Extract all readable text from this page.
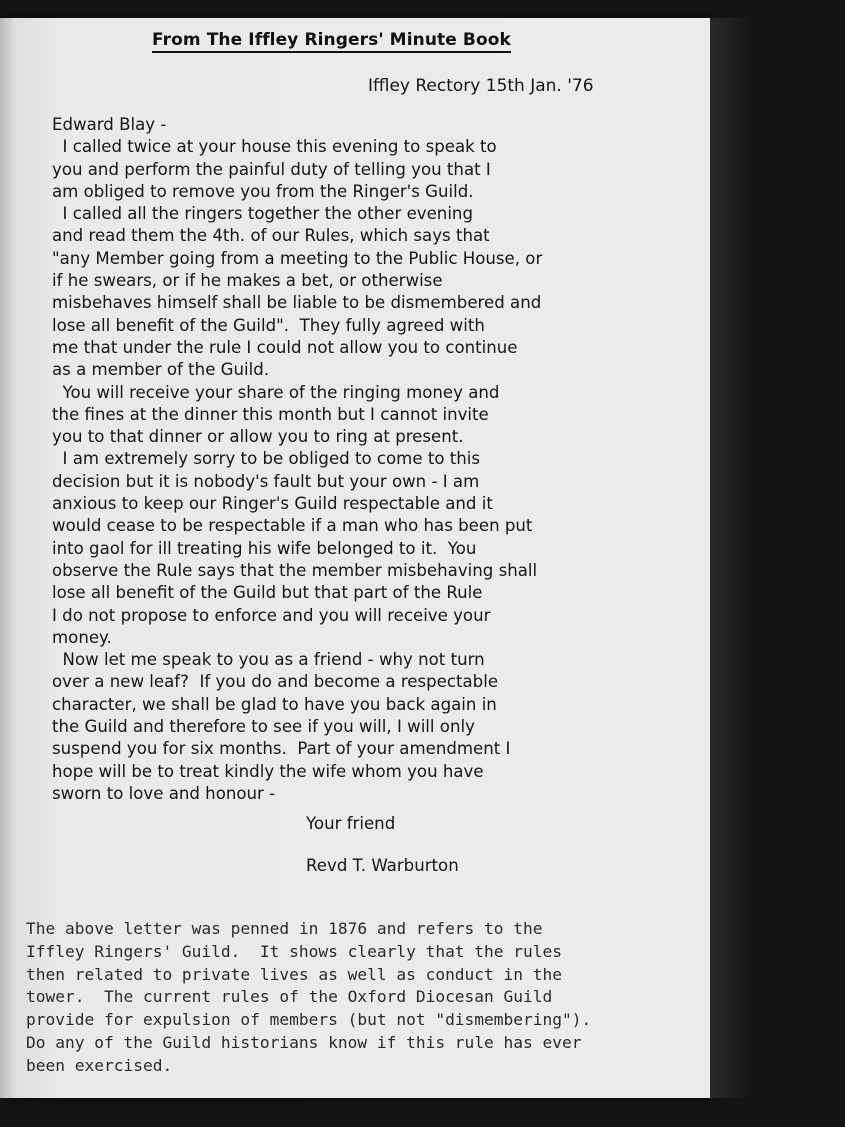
From The Iffley Ringers' Minute Book
Iffley Rectory 15th Jan. '76
Edward Blay -
I called twice at your house this evening to speak to
you and perform the painful duty of telling you that I
am obliged to remove you from the Ringer's Guild.
I called all the ringers together the other evening
and read them the 4th. of our Rules, which says that
"any Member going from a meeting to the Public House, or
if he swears, or if he makes a bet, or otherwise
misbehaves himself shall be liable to be dismembered and
lose all benefit of the Guild".  They fully agreed with
me that under the rule I could not allow you to continue
as a member of the Guild.
You will receive your share of the ringing money and
the fines at the dinner this month but I cannot invite
you to that dinner or allow you to ring at present.
I am extremely sorry to be obliged to come to this
decision but it is nobody's fault but your own - I am
anxious to keep our Ringer's Guild respectable and it
would cease to be respectable if a man who has been put
into gaol for ill treating his wife belonged to it.  You
observe the Rule says that the member misbehaving shall
lose all benefit of the Guild but that part of the Rule
I do not propose to enforce and you will receive your
money.
Now let me speak to you as a friend - why not turn
over a new leaf?  If you do and become a respectable
character, we shall be glad to have you back again in
the Guild and therefore to see if you will, I will only
suspend you for six months.  Part of your amendment I
hope will be to treat kindly the wife whom you have
sworn to love and honour -
Your friend
Revd T. Warburton
The above letter was penned in 1876 and refers to the
Iffley Ringers' Guild.  It shows clearly that the rules
then related to private lives as well as conduct in the
tower.  The current rules of the Oxford Diocesan Guild
provide for expulsion of members (but not "dismembering").
Do any of the Guild historians know if this rule has ever
been exercised.
